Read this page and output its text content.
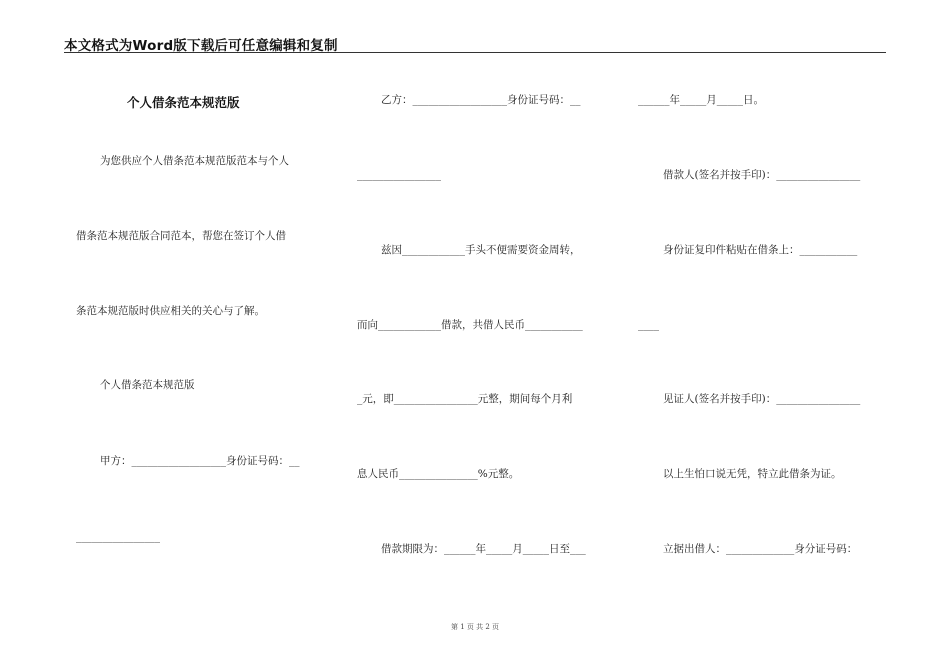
本文格式为Word版下载后可任意编辑和复制
个人借条范本规范版
为您供应个人借条范本规范版范本与个人
借条范本规范版合同范本，帮您在签订个人借
条范本规范版时供应相关的关心与了解。
个人借条范本规范版
甲方：__________________身份证号码：__
________________
乙方：__________________身份证号码：__
________________
兹因____________手头不便需要资金周转，
而向____________借款，共借人民币___________
_元，即________________元整，期间每个月利
息人民币_______________%元整。
借款期限为：______年_____月_____日至___
______年_____月_____日。
借款人(签名并按手印)：________________
身份证复印件粘贴在借条上：___________
____
见证人(签名并按手印)：________________
以上生怕口说无凭，特立此借条为证。
立据出借人：_____________身分证号码：
第 1 页 共 2 页
